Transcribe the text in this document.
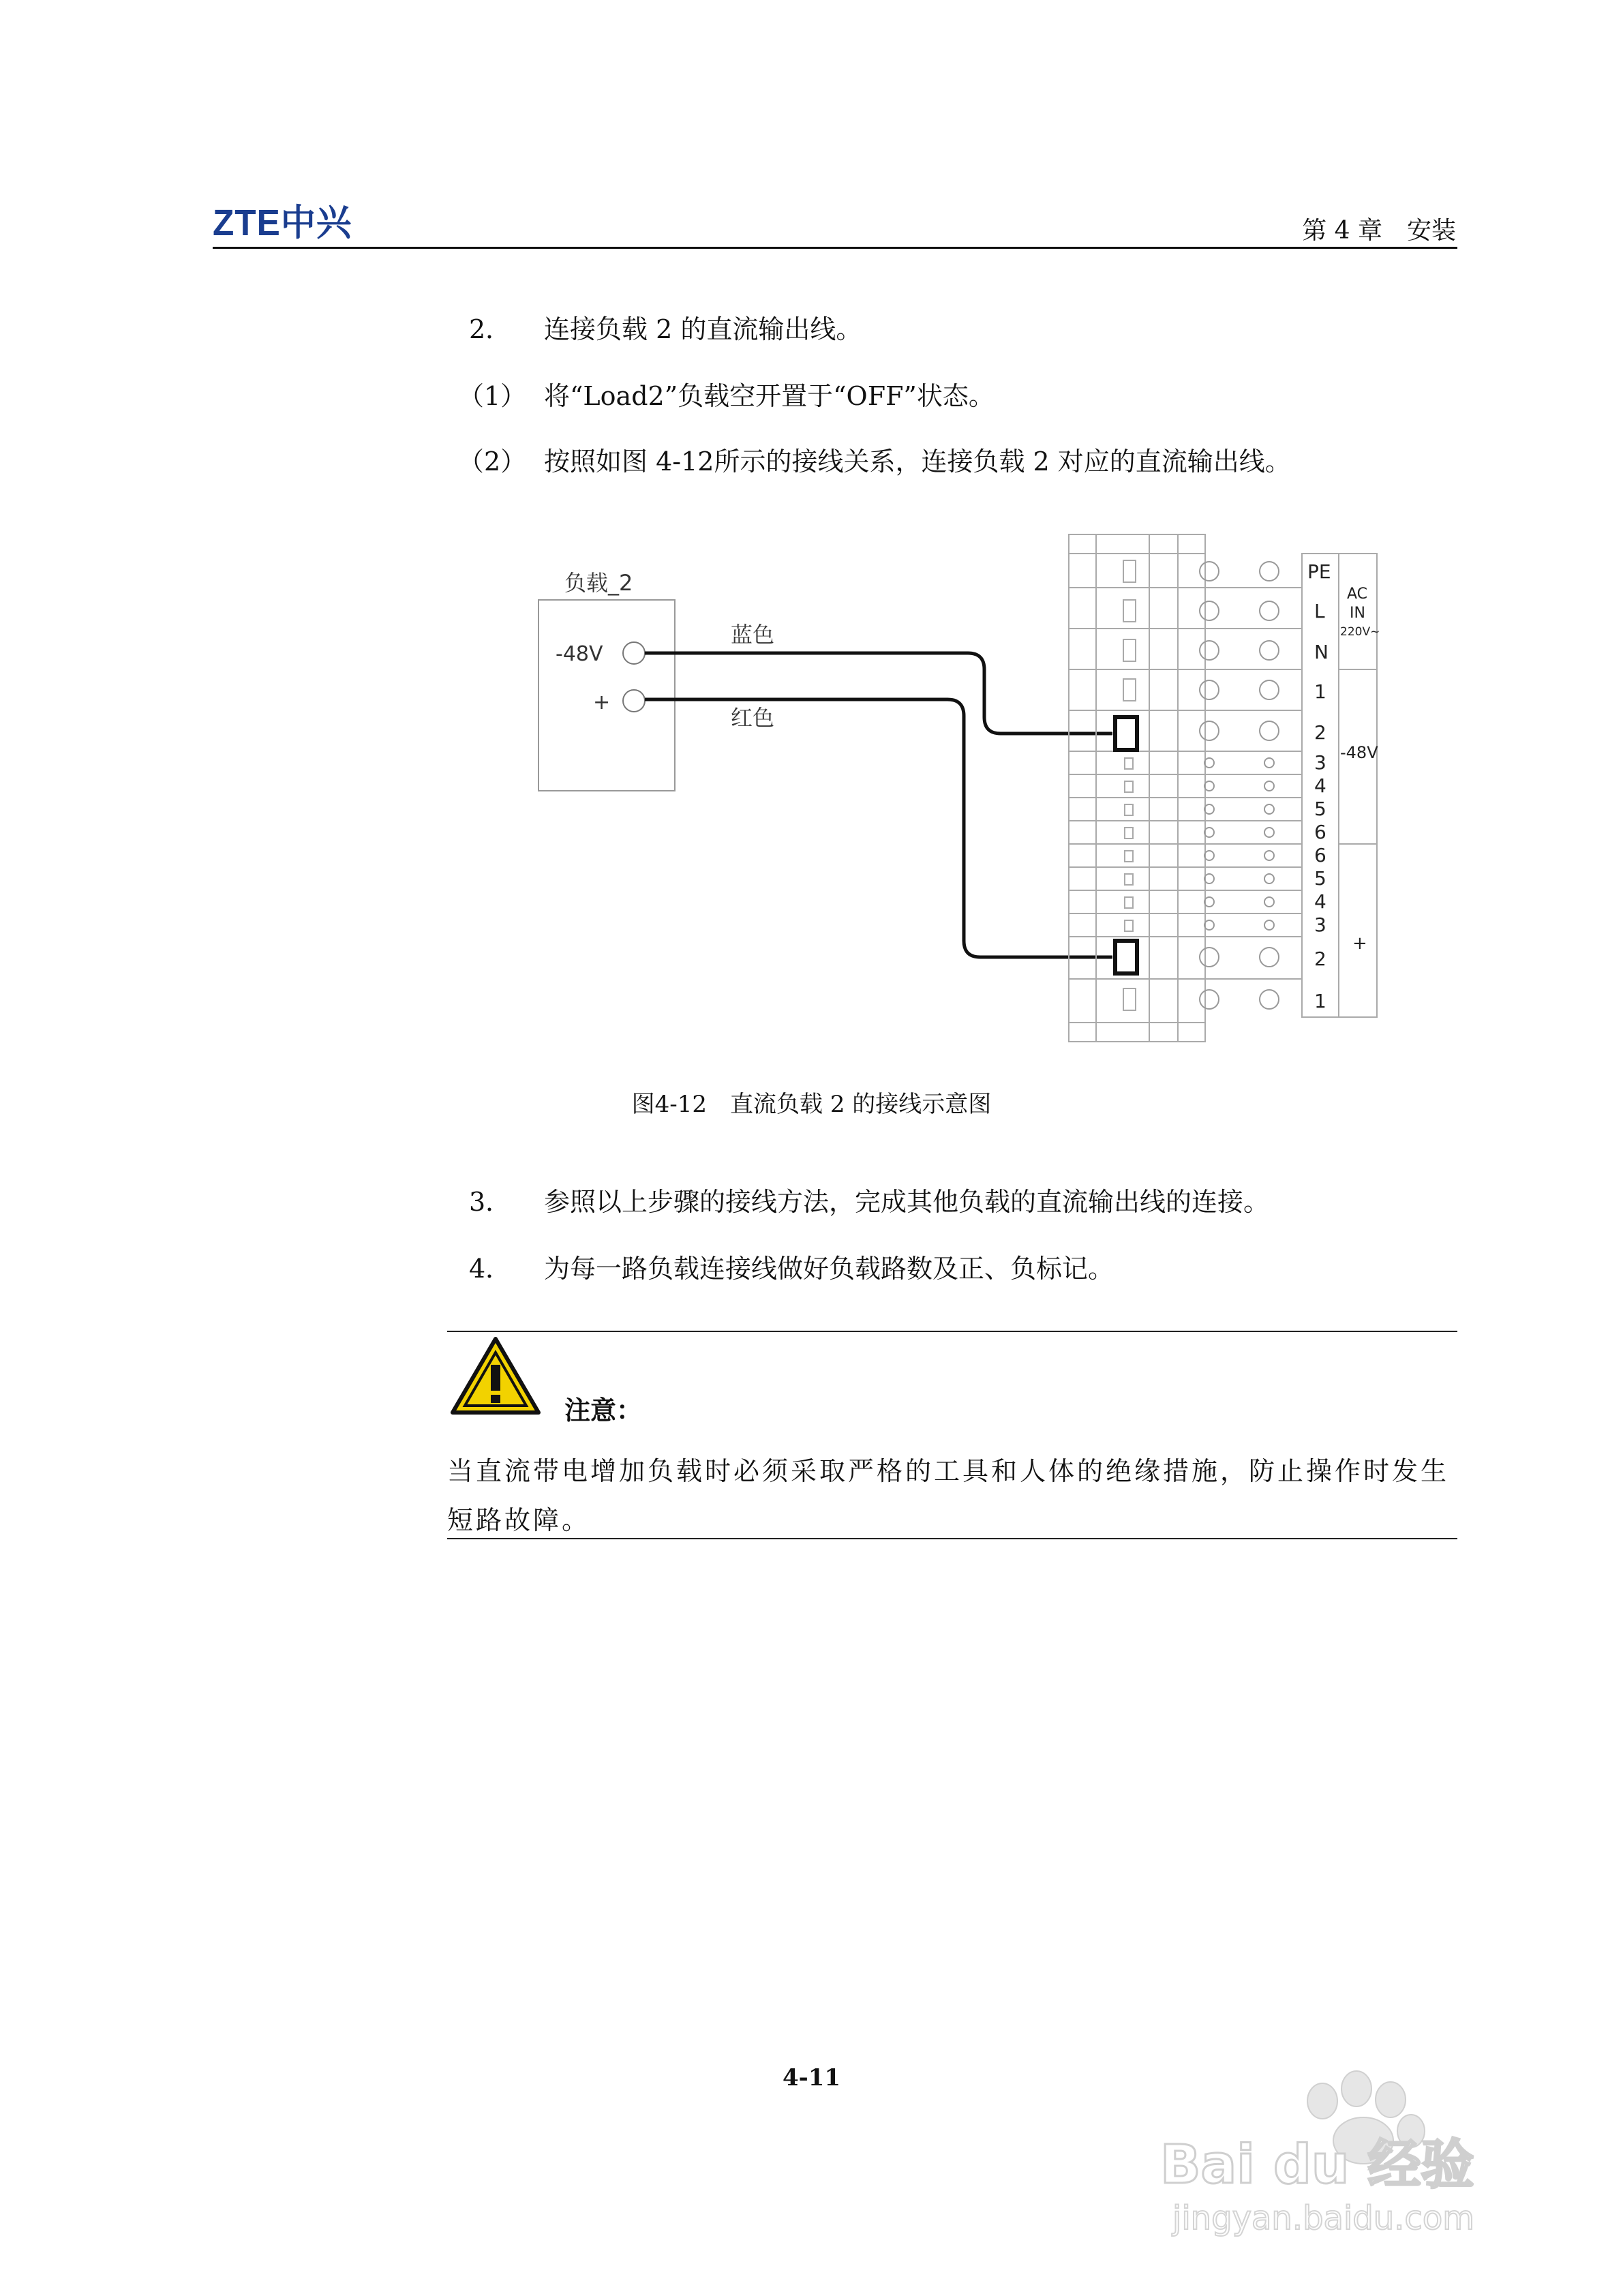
ZTE中兴	第 4 章　安装
2． 连接负载 2 的直流输出线。
（1） 将“Load2”负载空开置于“OFF”状态。
（2） 按照如图 4-12所示的接线关系，连接负载 2 对应的直流输出线。
负载_2
-48V
+
蓝色
红色
PE
L
N
1
2
3
4
5
6
6
5
4
3
2
1
AC
IN
220V~
-48V
+
图4-12　直流负载 2 的接线示意图
3． 参照以上步骤的接线方法，完成其他负载的直流输出线的连接。
4． 为每一路负载连接线做好负载路数及正、负标记。
注意：
当直流带电增加负载时必须采取严格的工具和人体的绝缘措施，防止操作时发生短路故障。
4-11
Bai du 经验
jingyan.baidu.com
